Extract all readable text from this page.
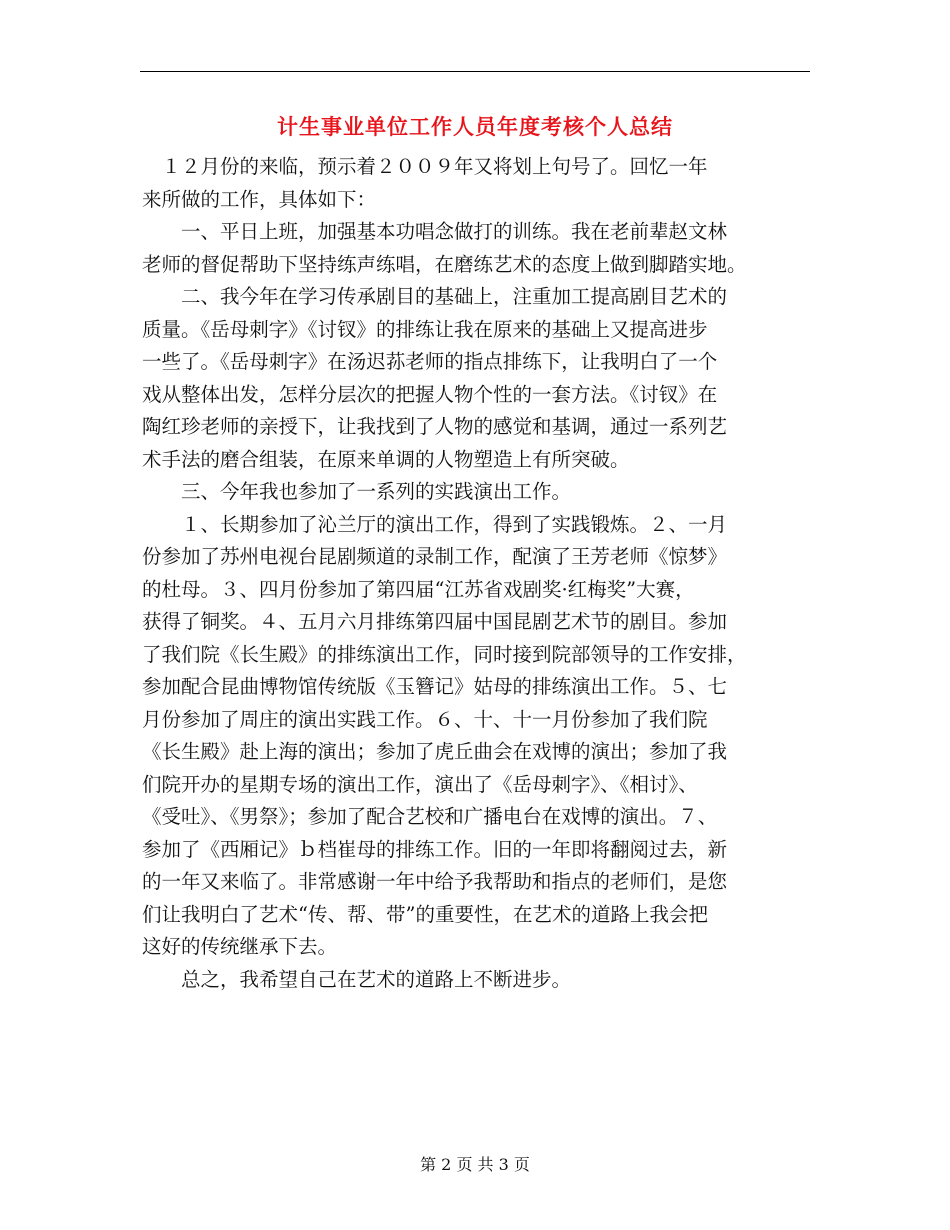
计生事业单位工作人员年度考核个人总结
　１２月份的来临，预示着２００９年又将划上句号了。回忆一年
来所做的工作，具体如下：
　　一、平日上班，加强基本功唱念做打的训练。我在老前辈赵文林
老师的督促帮助下坚持练声练唱，在磨练艺术的态度上做到脚踏实地。
　　二、我今年在学习传承剧目的基础上，注重加工提高剧目艺术的
质量。《岳母刺字》《讨钗》的排练让我在原来的基础上又提高进步
一些了。《岳母刺字》在汤迟荪老师的指点排练下，让我明白了一个
戏从整体出发，怎样分层次的把握人物个性的一套方法。《讨钗》在
陶红珍老师的亲授下，让我找到了人物的感觉和基调，通过一系列艺
术手法的磨合组装，在原来单调的人物塑造上有所突破。
　　三、今年我也参加了一系列的实践演出工作。
　　１、长期参加了沁兰厅的演出工作，得到了实践锻炼。２、一月
份参加了苏州电视台昆剧频道的录制工作，配演了王芳老师《惊梦》
的杜母。３、四月份参加了第四届“江苏省戏剧奖·红梅奖”大赛，
获得了铜奖。４、五月六月排练第四届中国昆剧艺术节的剧目。参加
了我们院《长生殿》的排练演出工作，同时接到院部领导的工作安排，
参加配合昆曲博物馆传统版《玉簪记》姑母的排练演出工作。５、七
月份参加了周庄的演出实践工作。６、十、十一月份参加了我们院
《长生殿》赴上海的演出；参加了虎丘曲会在戏博的演出；参加了我
们院开办的星期专场的演出工作，演出了《岳母刺字》、《相讨》、
《受吐》、《男祭》；参加了配合艺校和广播电台在戏博的演出。７、
参加了《西厢记》ｂ档崔母的排练工作。旧的一年即将翻阅过去，新
的一年又来临了。非常感谢一年中给予我帮助和指点的老师们，是您
们让我明白了艺术“传、帮、带”的重要性，在艺术的道路上我会把
这好的传统继承下去。
　　总之，我希望自己在艺术的道路上不断进步。
第 2 页 共 3 页
